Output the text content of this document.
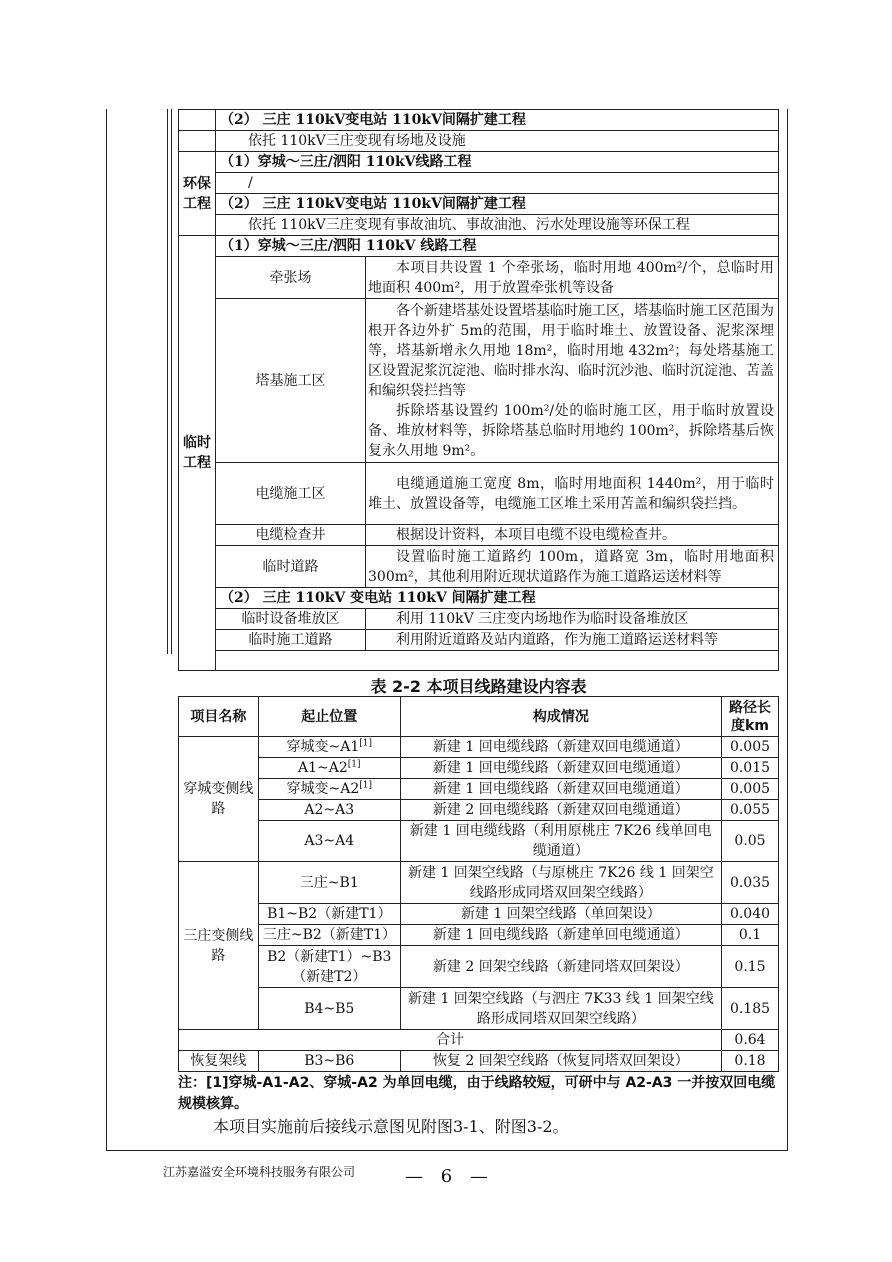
	（2） 三庄 110kV变电站 110kV间隔扩建工程	
	依托 110kV三庄变现有场地及设施	
环保工程	（1）穿城～三庄/泗阳 110kV线路工程	
	/	
	（2） 三庄 110kV变电站 110kV间隔扩建工程	
	依托 110kV三庄变现有事故油坑、事故油池、污水处理设施等环保工程	
临时工程	（1）穿城～三庄/泗阳 110kV 线路工程	
	牵张场	本项目共设置 1 个牵张场，临时用地 400m²/个，总临时用地面积 400m²，用于放置牵张机等设备
	塔基施工区	各个新建塔基处设置塔基临时施工区，塔基临时施工区范围为根开各边外扩 5m的范围，用于临时堆土、放置设备、泥浆深埋等，塔基新增永久用地 18m²，临时用地 432m²；每处塔基施工区设置泥浆沉淀池、临时排水沟、临时沉沙池、临时沉淀池、苫盖和编织袋拦挡等
拆除塔基设置约 100m²/处的临时施工区，用于临时放置设备、堆放材料等，拆除塔基总临时用地约 100m²，拆除塔基后恢复永久用地 9m²。

	电缆施工区	电缆通道施工宽度 8m，临时用地面积 1440m²，用于临时堆土、放置设备等，电缆施工区堆土采用苫盖和编织袋拦挡。
	电缆检查井	根据设计资料，本项目电缆不设电缆检查井。
	临时道路	设置临时施工道路约 100m，道路宽 3m，临时用地面积 300m²，其他利用附近现状道路作为施工道路运送材料等
	（2） 三庄 110kV 变电站 110kV 间隔扩建工程	
	临时设备堆放区	利用 110kV 三庄变内场地作为临时设备堆放区
	临时施工道路	利用附近道路及站内道路，作为施工道路运送材料等

表 2-2 本项目线路建设内容表
项目名称	起止位置	构成情况	路径长度km
穿城变侧线路	穿城变~A1[1]	新建 1 回电缆线路（新建双回电缆通道）	0.005
	A1~A2[1]	新建 1 回电缆线路（新建双回电缆通道）	0.015
	穿城变~A2[1]	新建 1 回电缆线路（新建双回电缆通道）	0.005
	A2~A3	新建 2 回电缆线路（新建双回电缆通道）	0.055
	A3~A4	新建 1 回电缆线路（利用原桃庄 7K26 线单回电缆通道）	0.05
三庄变侧线路	三庄~B1	新建 1 回架空线路（与原桃庄 7K26 线 1 回架空线路形成同塔双回架空线路）	0.035
	B1~B2（新建T1）	新建 1 回架空线路（单回架设）	0.040
	三庄~B2（新建T1）	新建 1 回电缆线路（新建单回电缆通道）	0.1
	B2（新建T1）~B3（新建T2）	新建 2 回架空线路（新建同塔双回架设）	0.15
	B4~B5	新建 1 回架空线路（与泗庄 7K33 线 1 回架空线路形成同塔双回架空线路）	0.185
合计			0.64
恢复架线	B3~B6	恢复 2 回架空线路（恢复同塔双回架设）	0.18
注：[1]穿城-A1-A2、穿城-A2 为单回电缆，由于线路较短，可研中与 A2-A3 一并按双回电缆规模核算。
本项目实施前后接线示意图见附图3-1、附图3-2。
江苏嘉溢安全环境科技服务有限公司	— 6 —
